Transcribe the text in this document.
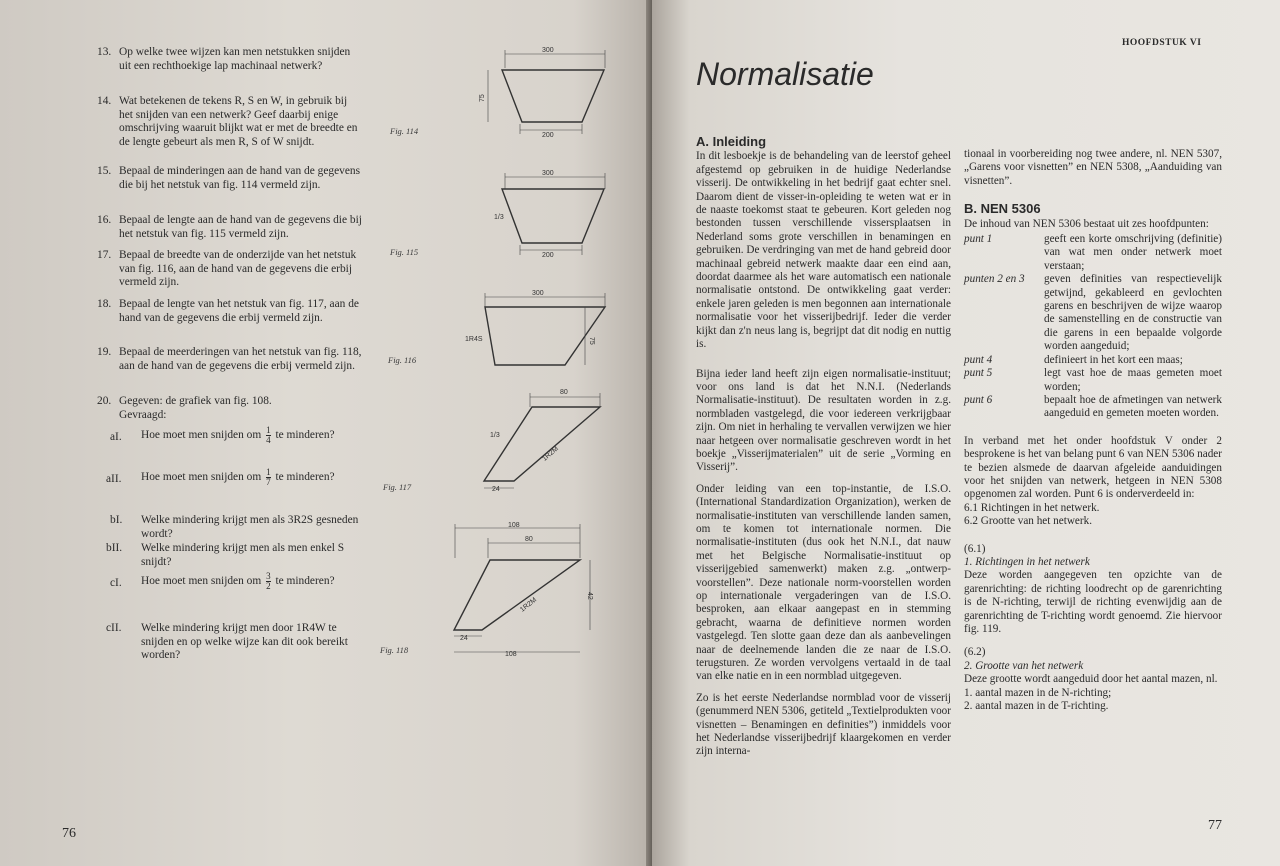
13. Op welke twee wijzen kan men netstukken snijden uit een rechthoekige lap machinaal netwerk?
14. Wat betekenen de tekens R, S en W, in gebruik bij het snijden van een netwerk? Geef daarbij enige omschrijving waaruit blijkt wat er met de breedte en de lengte gebeurt als men R, S of W snijdt.
15. Bepaal de minderingen aan de hand van de gegevens die bij het netstuk van fig. 114 vermeld zijn.
16. Bepaal de lengte aan de hand van de gegevens die bij het netstuk van fig. 115 vermeld zijn.
17. Bepaal de breedte van de onderzijde van het netstuk van fig. 116, aan de hand van de gegevens die erbij vermeld zijn.
18. Bepaal de lengte van het netstuk van fig. 117, aan de hand van de gegevens die erbij vermeld zijn.
19. Bepaal de meerderingen van het netstuk van fig. 118, aan de hand van de gegevens die erbij vermeld zijn.
20. Gegeven: de grafiek van fig. 108. Gevraagd:
aI. Hoe moet men snijden om $\frac{1}{4}$ te minderen?
aII. Hoe moet men snijden om $\frac{1}{7}$ te minderen?
bI. Welke mindering krijgt men als 3R2S gesneden wordt?
bII. Welke mindering krijgt men als men enkel S snijdt?
cI. Hoe moet men snijden om $\frac{3}{2}$ te minderen?
cII. Welke mindering krijgt men door 1R4W te snijden en op welke wijze kan dit ook bereikt worden?
300
200
75
Fig. 114
300
200
1/3
Fig. 115
300
1R4S	75
Fig. 116
80
1/3
1R2M
24
Fig. 117
108
80
1R2M
42
24
108
Fig. 118
76
HOOFDSTUK VI
Normalisatie
A. Inleiding

In dit lesboekje is de behandeling van de leerstof geheel afgestemd op gebruiken in de huidige Nederlandse visserij. De ontwikkeling in het bedrijf gaat echter snel. Daarom dient de visser-in-opleiding te weten wat er in de naaste toekomst staat te gebeuren. Kort geleden nog bestonden tussen verschillende vissersplaatsen in Nederland soms grote verschillen in benamingen en gebruiken. De verdringing van met de hand gebreid door machinaal gebreid netwerk maakte daar een eind aan, doordat daarmee als het ware automatisch een nationale normalisatie ontstond. De ontwikkeling gaat verder: enkele jaren geleden is men begonnen aan internationale normalisatie voor het visserijbedrijf. Ieder die verder kijkt dan z'n neus lang is, begrijpt dat dit nodig en nuttig is.

Bijna ieder land heeft zijn eigen normalisatie-instituut; voor ons land is dat het N.N.I. (Nederlands Normalisatie-instituut). De resultaten worden in z.g. normbladen vastgelegd, die voor iedereen verkrijgbaar zijn. Om niet in herhaling te vervallen verwijzen we hier naar hetgeen over normalisatie geschreven wordt in het boekje „Visserijmaterialen” uit de serie „Vorming en Visserij”.

Onder leiding van een top-instantie, de I.S.O. (International Standardization Organization), werken de normalisatie-instituten van verschillende landen samen, om te komen tot internationale normen. Die normalisatie-instituten (dus ook het N.N.I., dat nauw met het Belgische Normalisatie-instituut op visserijgebied samenwerkt) maken z.g. „ontwerp-voorstellen”. Deze nationale norm-voorstellen worden op internationale vergaderingen van de I.S.O. besproken, aan elkaar aangepast en in stemming gebracht, waarna de definitieve normen worden vastgelegd. Ten slotte gaan deze dan als aanbevelingen naar de deelnemende landen die ze naar de I.S.O. terugsturen. Ze worden vervolgens vertaald in de taal van elke natie en in een normblad uitgegeven.

Zo is het eerste Nederlandse normblad voor de visserij (genummerd NEN 5306, getiteld „Textielprodukten voor visnetten – Benamingen en definities”) inmiddels voor het Nederlandse visserijbedrijf klaargekomen en verder zijn interna-

tionaal in voorbereiding nog twee andere, nl. NEN 5307, „Garens voor visnetten” en NEN 5308, „Aanduiding van visnetten”.

B. NEN 5306

De inhoud van NEN 5306 bestaat uit zes hoofdpunten:

punt 1	geeft een korte omschrijving (definitie) van wat men onder netwerk moet verstaan;
punten 2 en 3	geven definities van respectievelijk getwijnd, gekableerd en gevlochten garens en beschrijven de wijze waarop de samenstelling en de constructie van die garens in een bepaalde volgorde worden aangeduid;
punt 4	definieert in het kort een maas;
punt 5	legt vast hoe de maas gemeten moet worden;
punt 6	bepaalt hoe de afmetingen van netwerk aangeduid en gemeten moeten worden.

In verband met het onder hoofdstuk V onder 2 besprokene is het van belang punt 6 van NEN 5306 nader te bezien alsmede de daarvan afgeleide aanduidingen voor het snijden van netwerk, hetgeen in NEN 5308 opgenomen zal worden. Punt 6 is onderverdeeld in:

6.1 Richtingen in het netwerk.
6.2 Grootte van het netwerk.
(6.1)
1. Richtingen in het netwerk

Deze worden aangegeven ten opzichte van de garenrichting: de richting loodrecht op de garenrichting is de N-richting, terwijl de richting evenwijdig aan de garenrichting de T-richting wordt genoemd. Zie hiervoor fig. 119.

(6.2)
2. Grootte van het netwerk
Deze grootte wordt aangeduid door het aantal mazen, nl.
1. aantal mazen in de N-richting;
2. aantal mazen in de T-richting.
77
